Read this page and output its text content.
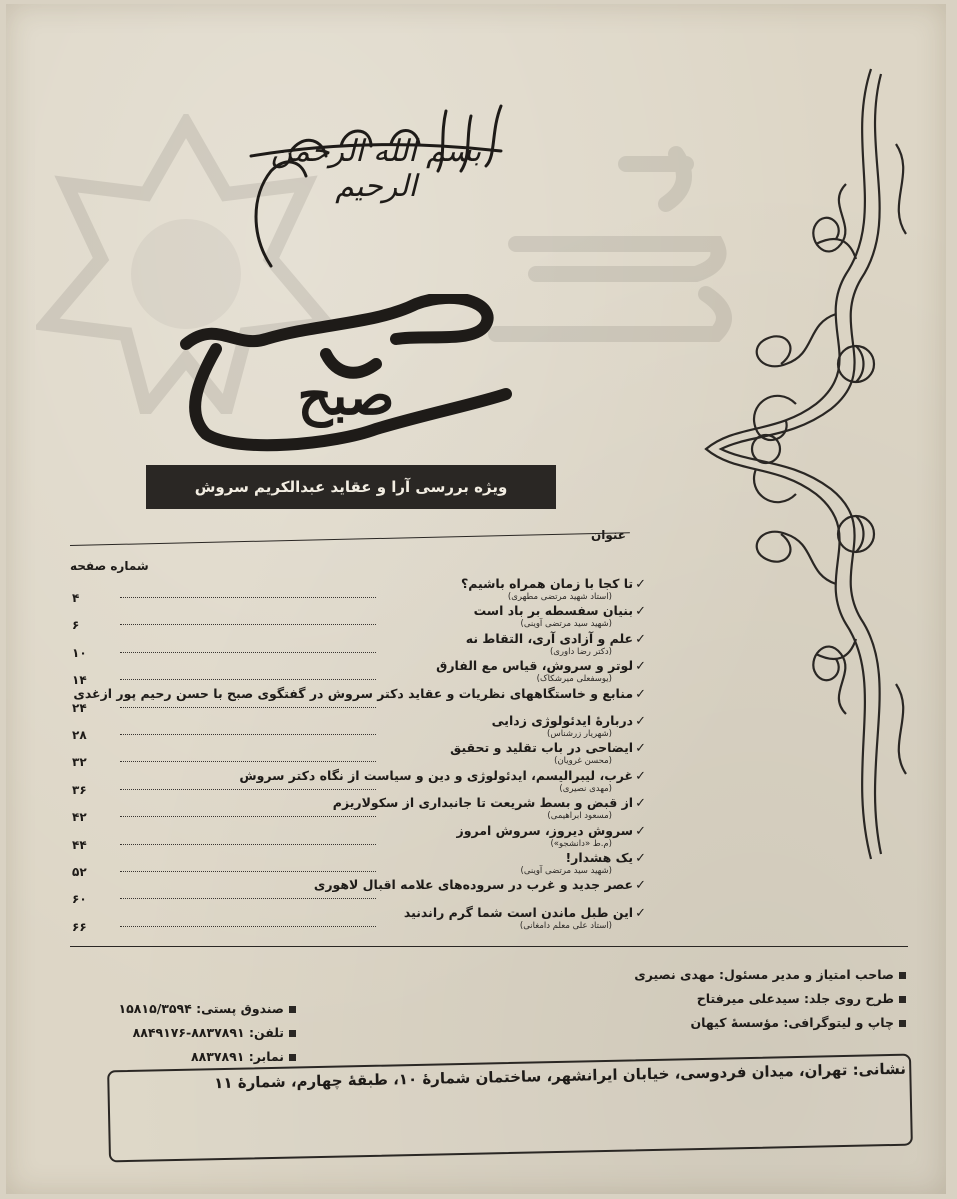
بسم الله الرحمن الرحیم
صبح
ویژه بررسی آرا و عقاید عبدالکریم سروش
عنوان
شماره صفحه
✓تا کجا با زمان همراه باشیم؟
(استاد شهید مرتضی مطهری)
۴
✓بنیان سفسطه بر باد است
(شهید سید مرتضی آوینی)
۶
✓علم و آزادی آری، التقاط نه
(دکتر رضا داوری)
۱۰
✓لوتر و سروش، قیاس مع الفارق
(یوسفعلی میرشکاک)
۱۴
✓منابع و خاستگاههای نظریات و عقاید دکتر سروش در گفتگوی صبح با حسن رحیم پور ازغدی
۲۴
✓دربارهٔ ایدئولوژی زدایی
(شهریار زرشناس)
۲۸
✓ایضاحی در باب تقلید و تحقیق
(محسن غرویان)
۳۲
✓غرب، لیبرالیسم، ایدئولوژی و دین و سیاست از نگاه دکتر سروش
(مهدی نصیری)
۳۶
✓از قبض و بسط شریعت تا جانبداری از سکولاریزم
(مسعود ابراهیمی)
۴۲
✓سروش دیروز، سروش امروز
(م.ط «دانشجو»)
۴۴
✓یک هشدار!
(شهید سید مرتضی آوینی)
۵۲
✓عصر جدید و غرب در سروده‌های علامه اقبال لاهوری
۶۰
✓این طبل ماندن است شما گرم راندنید
(استاد علی معلم دامغانی)
۶۶
صاحب امتیاز و مدیر مسئول: مهدی نصیری
طرح روی جلد: سیدعلی میرفتاح
چاپ و لیتوگرافی: مؤسسهٔ کیهان
صندوق پستی: ۱۵۸۱۵/۳۵۹۴
تلفن: ۸۸۳۷۸۹۱-۸۸۴۹۱۷۶
نمابر: ۸۸۳۷۸۹۱
نشانی: تهران، میدان فردوسی، خیابان ایرانشهر، ساختمان شمارهٔ ۱۰، طبقهٔ چهارم، شمارهٔ ۱۱
